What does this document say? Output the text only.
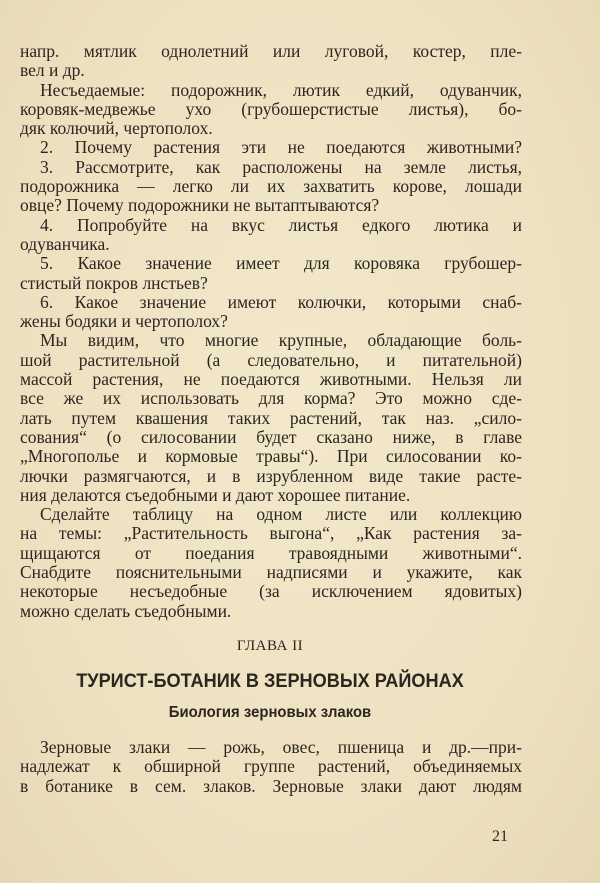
напр. мятлик однолетний или луговой, костер, пле-
вел и др.
Несъедаемые: подорожник, лютик едкий, одуванчик,
коровяк-медвежье ухо (грубошерстистые листья), бо-
дяк колючий, чертополох.
2. Почему растения эти не поедаются животными?
3. Рассмотрите, как расположены на земле листья,
подорожника — легко ли их захватить корове, лошади
овце? Почему подорожники не вытаптываются?
4. Попробуйте на вкус листья едкого лютика и
одуванчика.
5. Какое значение имеет для коровяка грубошер-
стистый покров лнстьев?
6. Какое значение имеют колючки, которыми снаб-
жены бодяки и чертополох?
Мы видим, что многие крупные, обладающие боль-
шой растительной (а следовательно, и питательной)
массой растения, не поедаются животными. Нельзя ли
все же их использовать для корма? Это можно сде-
лать путем квашения таких растений, так наз. „сило-
сования“ (о силосовании будет сказано ниже, в главе
„Многополье и кормовые травы“). При силосовании ко-
лючки размягчаются, и в изрубленном виде такие расте-
ния делаются съедобными и дают хорошее питание.
Сделайте таблицу на одном листе или коллекцию
на темы: „Растительность выгона“, „Как растения за-
щищаются от поедания травоядными животными“.
Снабдите пояснительными надписями и укажите, как
некоторые несъедобные (за исключением ядовитых)
можно сделать съедобными.
ГЛАВА II
ТУРИСТ-БОТАНИК В ЗЕРНОВЫХ РАЙОНАХ
Биология зерновых злаков
Зерновые злаки — рожь, овес, пшеница и др.—при-
надлежат к обширной группе растений, объединяемых
в ботанике в сем. злаков. Зерновые злаки дают людям
21
